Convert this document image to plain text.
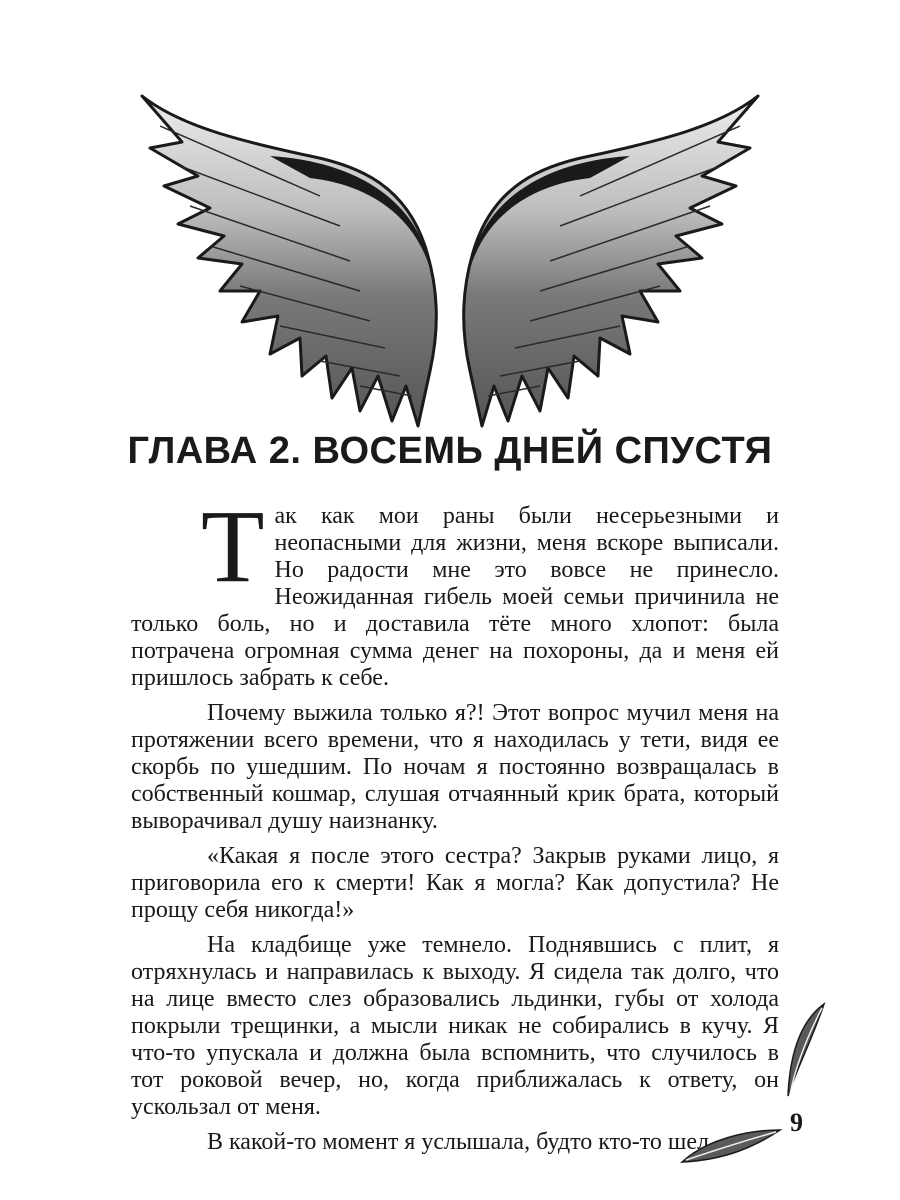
ГЛАВА 2. ВОСЕМЬ ДНЕЙ СПУСТЯ

Так как мои раны были несерьезными и неопасными для жизни, меня вскоре выписали. Но радости мне это вовсе не принесло. Неожиданная гибель моей семьи причинила не только боль, но и доставила тёте много хлопот: была потрачена огромная сумма денег на похороны, да и меня ей пришлось забрать к себе.

Почему выжила только я?! Этот вопрос мучил меня на протяжении всего времени, что я находилась у тети, видя ее скорбь по ушедшим. По ночам я постоянно возвращалась в собственный кошмар, слушая отчаянный крик брата, который выворачивал душу наизнанку.

«Какая я после этого сестра? Закрыв руками лицо, я приговорила его к смерти! Как я могла? Как допустила? Не прощу себя никогда!»

На кладбище уже темнело. Поднявшись с плит, я отряхнулась и направилась к выходу. Я сидела так долго, что на лице вместо слез образовались льдинки, губы от холода покрыли трещинки, а мысли никак не собирались в кучу. Я что-то упускала и должна была вспомнить, что случилось в тот роковой вечер, но, когда приближалась к ответу, он ускользал от меня.

В какой-то момент я услышала, будто кто-то шел

9
